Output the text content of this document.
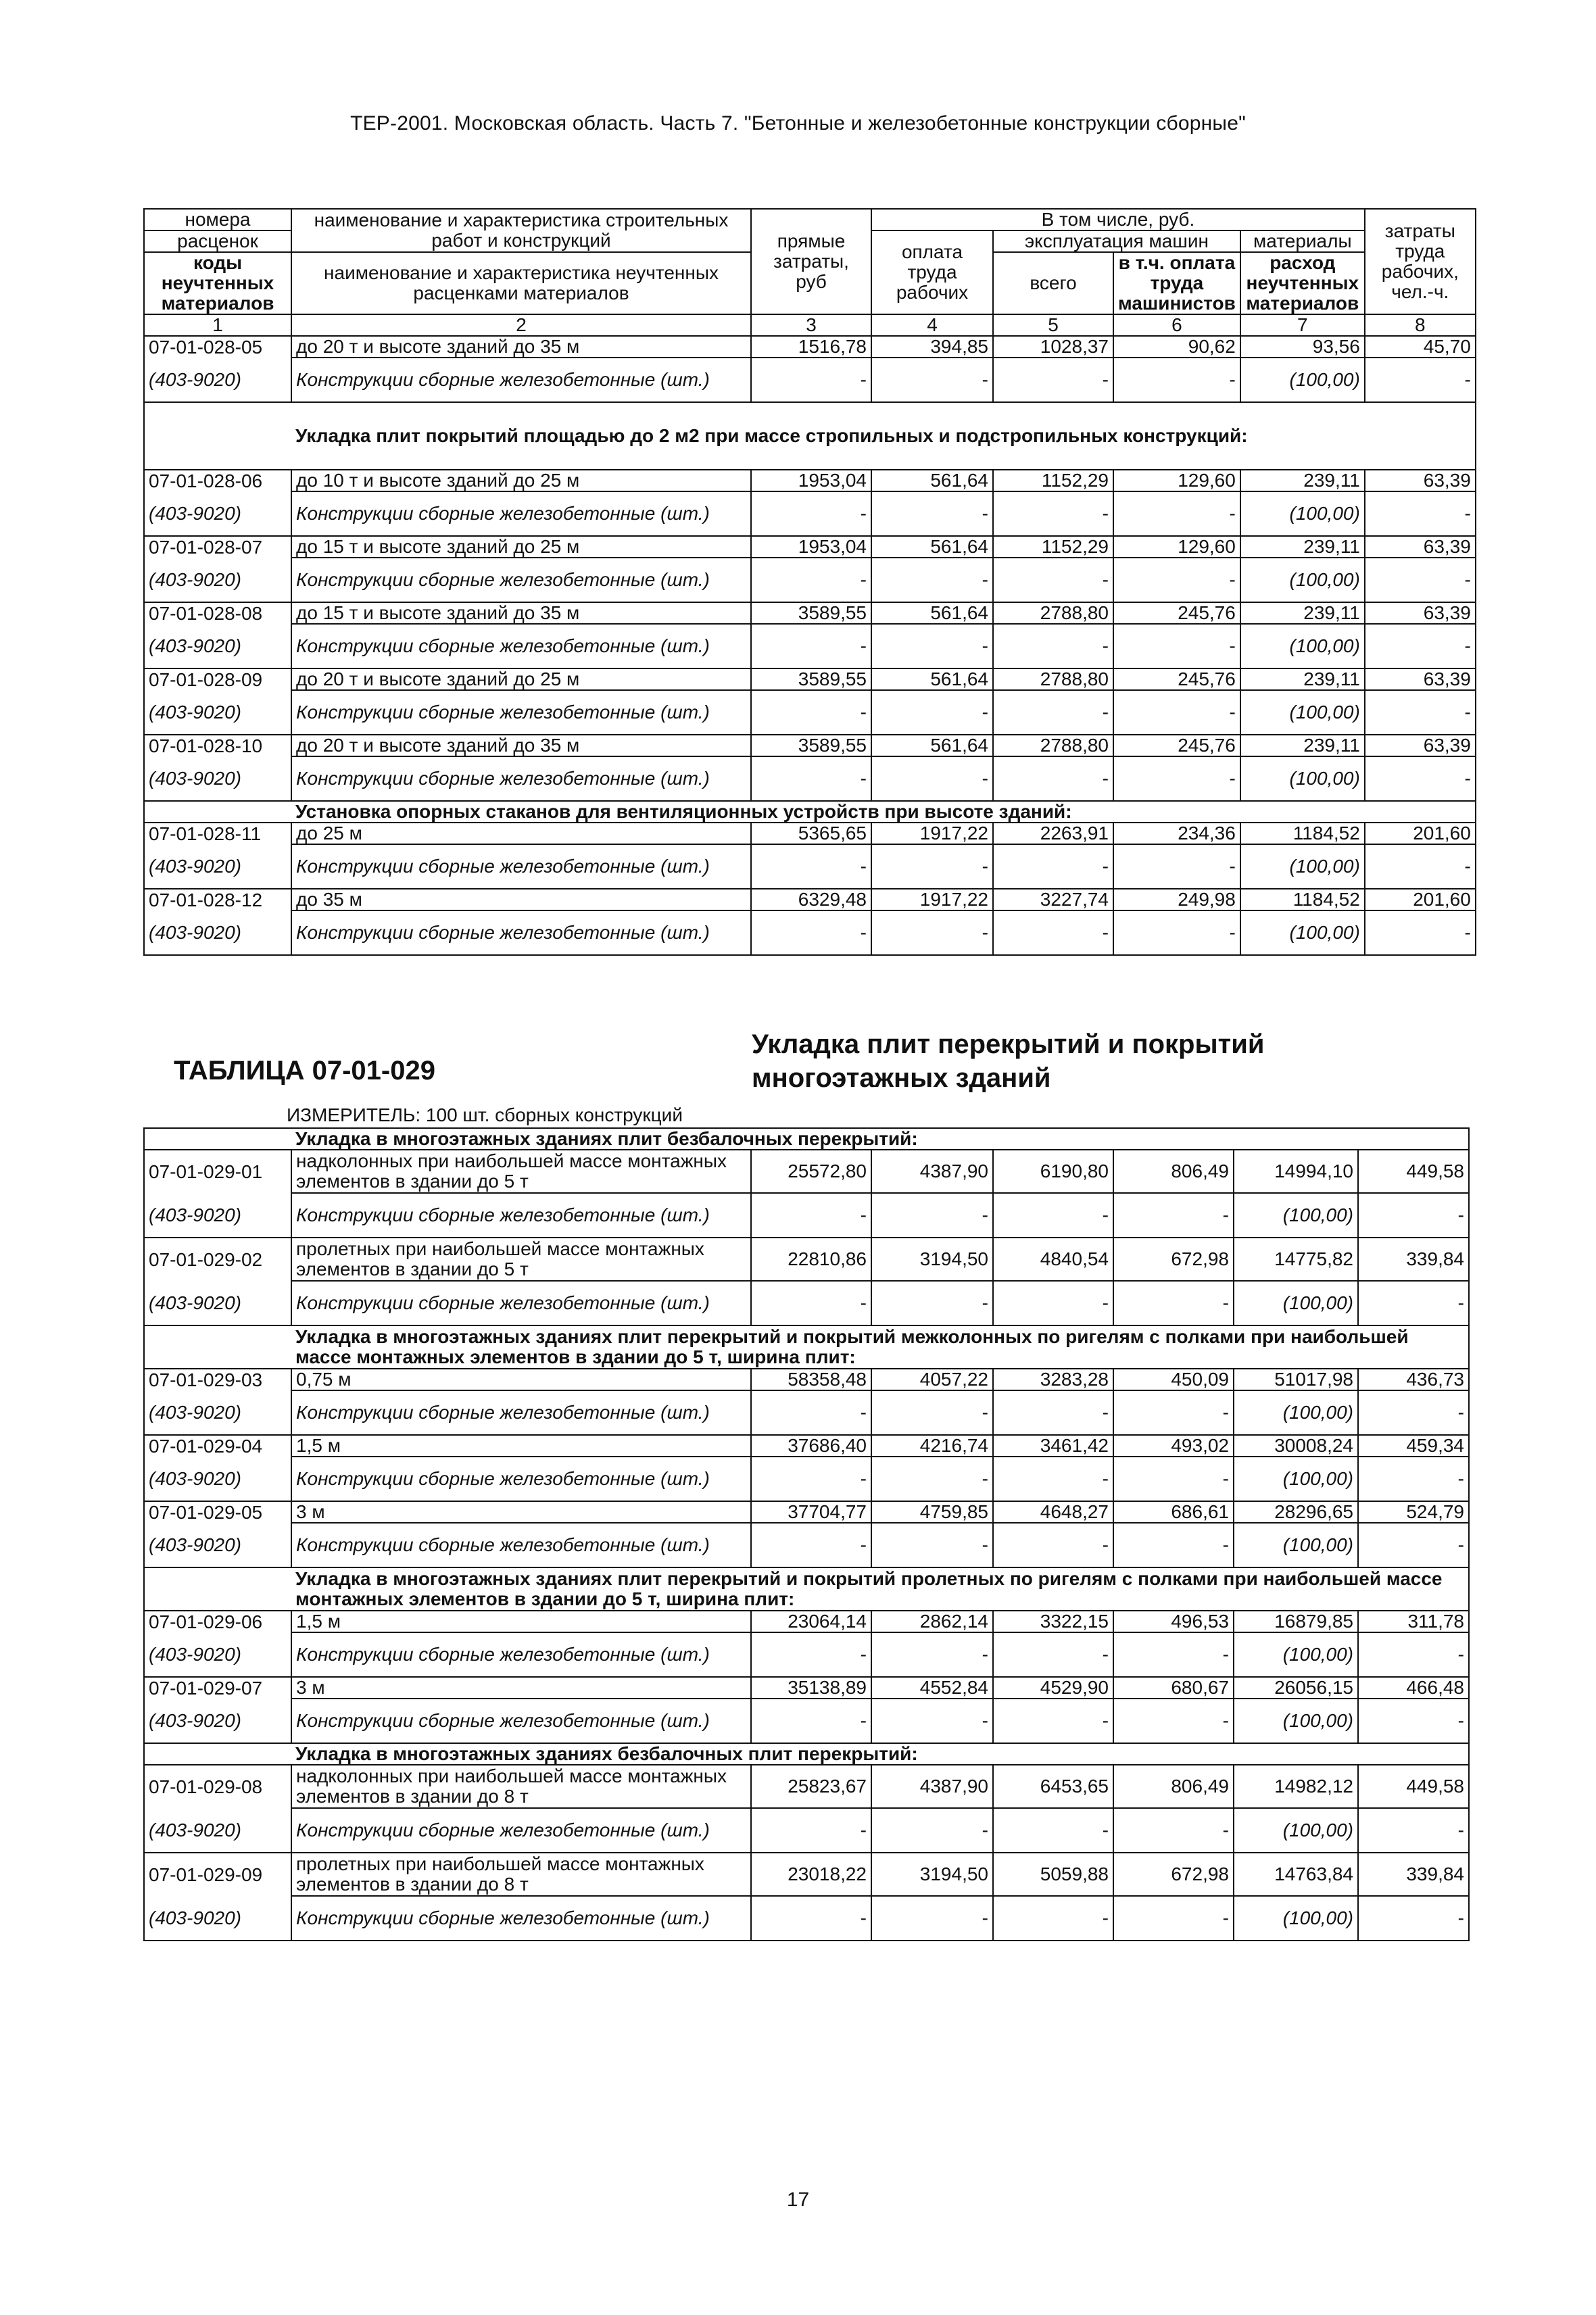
ТЕР-2001. Московская область. Часть 7. "Бетонные и железобетонные конструкции сборные"
номера	наименование и характеристика строительных работ и конструкций	прямые затраты, руб	В том числе, руб.				затраты труда рабочих, чел.-ч.
расценок			оплата труда рабочих	эксплуатация машин		материалы	
коды неучтенных материалов	наименование и характеристика неучтенных расценками материалов			всего	в т.ч. оплата труда машинистов	расход неучтенных материалов	

1	2	3	4	5	6	7	8
07-01-028-05	до 20 т и высоте зданий до 35 м	1516,78	394,85	1028,37	90,62	93,56	45,70
(403-9020)	Конструкции сборные железобетонные (шт.)	-	-	-	-	(100,00)	-
	Укладка плит покрытий площадью до 2 м2 при массе стропильных и подстропильных конструкций:						
07-01-028-06	до 10 т и высоте зданий до 25 м	1953,04	561,64	1152,29	129,60	239,11	63,39
(403-9020)	Конструкции сборные железобетонные (шт.)	-	-	-	-	(100,00)	-
07-01-028-07	до 15 т и высоте зданий до 25 м	1953,04	561,64	1152,29	129,60	239,11	63,39
(403-9020)	Конструкции сборные железобетонные (шт.)	-	-	-	-	(100,00)	-
07-01-028-08	до 15 т и высоте зданий до 35 м	3589,55	561,64	2788,80	245,76	239,11	63,39
(403-9020)	Конструкции сборные железобетонные (шт.)	-	-	-	-	(100,00)	-
07-01-028-09	до 20 т и высоте зданий до 25 м	3589,55	561,64	2788,80	245,76	239,11	63,39
(403-9020)	Конструкции сборные железобетонные (шт.)	-	-	-	-	(100,00)	-
07-01-028-10	до 20 т и высоте зданий до 35 м	3589,55	561,64	2788,80	245,76	239,11	63,39
(403-9020)	Конструкции сборные железобетонные (шт.)	-	-	-	-	(100,00)	-
	Установка опорных стаканов для вентиляционных устройств при высоте зданий:						
07-01-028-11	до 25 м	5365,65	1917,22	2263,91	234,36	1184,52	201,60
(403-9020)	Конструкции сборные железобетонные (шт.)	-	-	-	-	(100,00)	-
07-01-028-12	до 35 м	6329,48	1917,22	3227,74	249,98	1184,52	201,60
(403-9020)	Конструкции сборные железобетонные (шт.)	-	-	-	-	(100,00)	-
ТАБЛИЦА 07-01-029
Укладка плит перекрытий и покрытий
многоэтажных зданий
ИЗМЕРИТЕЛЬ: 100 шт. сборных конструкций
	Укладка в многоэтажных зданиях плит безбалочных перекрытий:						
07-01-029-01	надколонных при наибольшей массе монтажных элементов в здании до 5 т	25572,80	4387,90	6190,80	806,49	14994,10	449,58
(403-9020)	Конструкции сборные железобетонные (шт.)	-	-	-	-	(100,00)	-
07-01-029-02	пролетных при наибольшей массе монтажных элементов в здании до 5 т	22810,86	3194,50	4840,54	672,98	14775,82	339,84
(403-9020)	Конструкции сборные железобетонные (шт.)	-	-	-	-	(100,00)	-
	Укладка в многоэтажных зданиях плит перекрытий и покрытий межколонных по ригелям с полками при наибольшей массе монтажных элементов в здании до 5 т, ширина плит:						
07-01-029-03	0,75 м	58358,48	4057,22	3283,28	450,09	51017,98	436,73
(403-9020)	Конструкции сборные железобетонные (шт.)	-	-	-	-	(100,00)	-
07-01-029-04	1,5 м	37686,40	4216,74	3461,42	493,02	30008,24	459,34
(403-9020)	Конструкции сборные железобетонные (шт.)	-	-	-	-	(100,00)	-
07-01-029-05	3 м	37704,77	4759,85	4648,27	686,61	28296,65	524,79
(403-9020)	Конструкции сборные железобетонные (шт.)	-	-	-	-	(100,00)	-
	Укладка в многоэтажных зданиях плит перекрытий и покрытий пролетных по ригелям с полками при наибольшей массе монтажных элементов в здании до 5 т, ширина плит:						
07-01-029-06	1,5 м	23064,14	2862,14	3322,15	496,53	16879,85	311,78
(403-9020)	Конструкции сборные железобетонные (шт.)	-	-	-	-	(100,00)	-
07-01-029-07	3 м	35138,89	4552,84	4529,90	680,67	26056,15	466,48
(403-9020)	Конструкции сборные железобетонные (шт.)	-	-	-	-	(100,00)	-
	Укладка в многоэтажных зданиях безбалочных плит перекрытий:						
07-01-029-08	надколонных при наибольшей массе монтажных элементов в здании до 8 т	25823,67	4387,90	6453,65	806,49	14982,12	449,58
(403-9020)	Конструкции сборные железобетонные (шт.)	-	-	-	-	(100,00)	-
07-01-029-09	пролетных при наибольшей массе монтажных элементов в здании до 8 т	23018,22	3194,50	5059,88	672,98	14763,84	339,84
(403-9020)	Конструкции сборные железобетонные (шт.)	-	-	-	-	(100,00)	-
17
